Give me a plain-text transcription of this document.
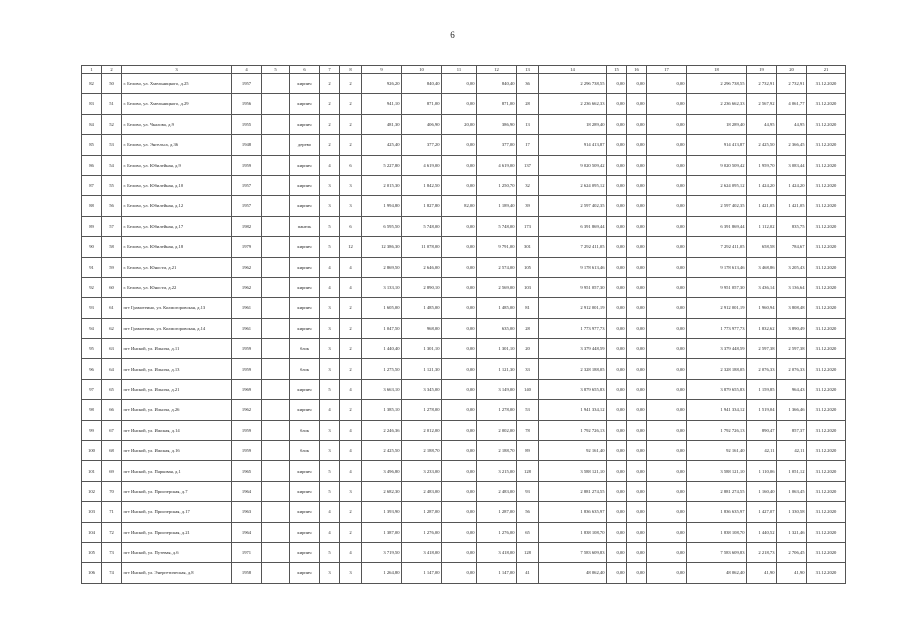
6
1	2	3	4	5	6	7	8	9	10	11	12	13	14	15	16	17	18	19	20	21
82	50	г. Белово, ул. Хмельницкого, д.25	1957		кирпич	2	2	926,20	840,40	0,00	840,40	36	2 296 738,55	0,00	0,00	0,00	2 296 738,55	2 732,91	2 732,91	31.12.2020
83	51	г. Белово, ул. Хмельницкого, д.29	1956		кирпич	2	2	941,10	871,00	0,00	871,00	28	2 236 662,33	0,00	0,00	0,00	2 236 662,33	2 567,92	4 061,77	31.12.2020
84	52	г. Белово, ул. Чкалова, д.9	1955		кирпич	2	2	481,30	406,90	20,00	386,90	13	18 289,40	0,00	0,00	0,00	18 289,40	44,95	44,95	31.12.2020
85	53	г. Белово, ул. Энгельса, д.36	1948		дерево	2	2	425,40	377,20	0,00	377,00	17	914 413,87	0,00	0,00	0,00	914 413,87	2 425,50	2 366,45	31.12.2020
86	54	г. Белово, ул. Юбилейная, д.9	1959		кирпич	4	6	5 227,80	4 619,00	0,00	4 619,00	137	9 020 509,42	0,00	0,00	0,00	9 020 509,42	1 959,70	3 083,44	31.12.2020
87	55	г. Белово, ул. Юбилейная, д.10	1957		кирпич	3	3	2 015,30	1 842,50	0,00	1 250,70	32	2 624 095,12	0,00	0,00	0,00	2 624 095,12	1 424,20	1 424,20	31.12.2020
88	56	г. Белово, ул. Юбилейная, д.12	1957		кирпич	3	3	1 994,80	1 827,80	82,00	1 189,40	39	2 597 402,35	0,00	0,00	0,00	2 597 402,35	1 421,05	1 421,05	31.12.2020
89	57	г. Белово, ул. Юбилейная, д.17	1982		панель	5	6	6 595,50	5 748,00	0,00	5 748,00	173	6 391 869,44	0,00	0,00	0,00	6 391 869,44	1 112,02	835,75	31.12.2020
90	58	г. Белово, ул. Юбилейная, д.18	1979		кирпич	5	12	12 386,30	11 078,00	0,00	9 791,00	301	7 292 411,05	0,00	0,00	0,00	7 292 411,05	658,58	784,67	31.12.2020
91	59	г. Белово, ул. Юности, д.21	1962		кирпич	4	4	2 869,50	2 646,00	0,00	2 574,00	105	9 178 613,46	0,00	0,00	0,00	9 178 613,46	3 468,86	3 205,43	31.12.2020
92	60	г. Белово, ул. Юности, д.22	1962		кирпич	4	4	3 133,10	2 890,10	0,00	2 569,00	103	9 951 057,30	0,00	0,00	0,00	9 951 057,30	3 436,14	3 136,64	31.12.2020
93	61	пгт Грамотеино, ул. Колмогоровская, д.13	1961		кирпич	3	2	1 605,00	1 485,00	0,00	1 485,00	81	2 912 001,19	0,00	0,00	0,00	2 912 001,19	1 960,94	3 808,48	31.12.2020
94	62	пгт Грамотеино, ул. Колмогоровская, д.14	1961		кирпич	3	2	1 047,50	968,00	0,00	635,00	28	1 773 977,73	0,00	0,00	0,00	1 773 977,73	1 832,62	3 890,49	31.12.2020
95	63	пгт Инской, ул. Ильича, д.11	1959		блок	3	2	1 440,40	1 301,10	0,00	1 301,10	20	3 379 448,59	0,00	0,00	0,00	3 379 448,59	2 597,38	2 597,38	31.12.2020
96	64	пгт Инской, ул. Ильича, д.13	1959		блок	3	2	1 275,50	1 121,30	0,00	1 121,30	33	2 328 188,05	0,00	0,00	0,00	2 328 188,05	2 076,33	2 076,33	31.12.2020
97	65	пгт Инской, ул. Ильича, д.21	1969		кирпич	5	4	3 663,10	3 345,00	0,00	3 149,00	140	3 879 655,83	0,00	0,00	0,00	3 879 655,83	1 159,85	964,43	31.12.2020
98	66	пгт Инской, ул. Ильича, д.26	1962		кирпич	4	2	1 385,10	1 278,00	0,00	1 278,00	53	1 941 334,12	0,00	0,00	0,00	1 941 334,12	1 519,04	1 366,46	31.12.2020
99	67	пгт Инской, ул. Ижская, д.14	1959		блок	3	4	2 246,36	2 012,00	0,00	2 002,00	78	1 792 726,13	0,00	0,00	0,00	1 792 726,13	890,47	857,37	31.12.2020
100	68	пгт Инской, ул. Ижская, д.16	1959		блок	3	4	2 425,50	2 188,70	0,00	2 188,70	89	92 161,40	0,00	0,00	0,00	92 161,40	42,11	42,11	31.12.2020
101	69	пгт Инской, ул. Парковая, д.1	1965		кирпич	5	4	3 496,80	3 233,00	0,00	3 215,00	128	3 588 121,10	0,00	0,00	0,00	3 588 121,10	1 110,06	1 051,12	31.12.2020
102	70	пгт Инской, ул. Приозерская, д.7	1964		кирпич	5	3	2 682,30	2 483,00	0,00	2 483,00	93	2 881 274,55	0,00	0,00	0,00	2 881 274,55	1 160,40	1 063,45	31.12.2020
103	71	пгт Инской, ул. Приозерская, д.17	1963		кирпич	4	2	1 393,90	1 287,00	0,00	1 287,00	56	1 836 635,97	0,00	0,00	0,00	1 836 635,97	1 427,07	1 330,58	31.12.2020
104	72	пгт Инской, ул. Приозерская, д.21	1964		кирпич	4	2	1 387,00	1 276,00	0,00	1 276,00	65	1 838 108,70	0,00	0,00	0,00	1 838 108,70	1 440,52	1 321,46	31.12.2020
105	73	пгт Инской, ул. Путевая, д.6	1971		кирпич	5	4	3 719,50	3 418,00	0,00	3 418,00	128	7 583 609,83	0,00	0,00	0,00	7 583 609,83	2 218,73	2 706,45	31.12.2020
106	74	пгт Инской, ул. Энергетическая, д.8	1958		кирпич	3	3	1 264,80	1 147,00	0,00	1 147,00	41	48 062,40	0,00	0,00	0,00	48 062,40	41,90	41,90	31.12.2020
